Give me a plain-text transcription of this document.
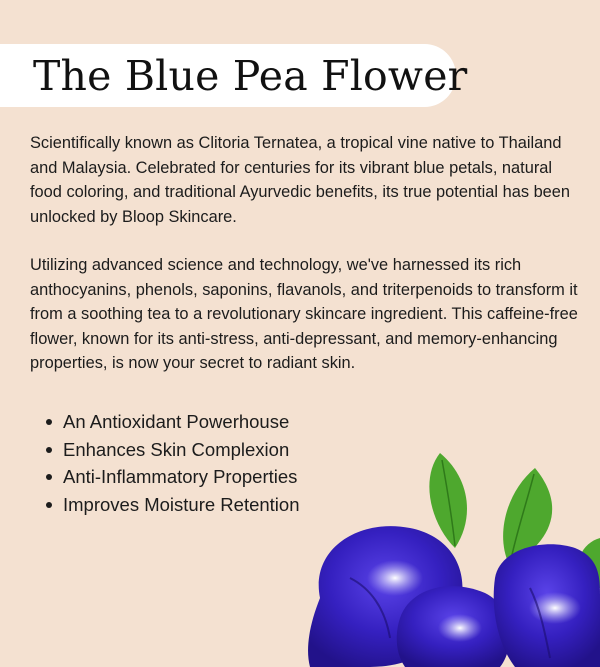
The Blue Pea Flower

Scientifically known as Clitoria Ternatea, a tropical vine native to Thailand and Malaysia. Celebrated for centuries for its vibrant blue petals, natural food coloring, and traditional Ayurvedic benefits, its true potential has been unlocked by Bloop Skincare.

Utilizing advanced science and technology, we've harnessed its rich anthocyanins, phenols, saponins, flavanols, and triterpenoids to transform it from a soothing tea to a revolutionary skincare ingredient. This caffeine-free flower, known for its anti-stress, anti-depressant, and memory-enhancing properties, is now your secret to radiant skin.

An Antioxidant Powerhouse
Enhances Skin Complexion
Anti-Inflammatory Properties
Improves Moisture Retention
